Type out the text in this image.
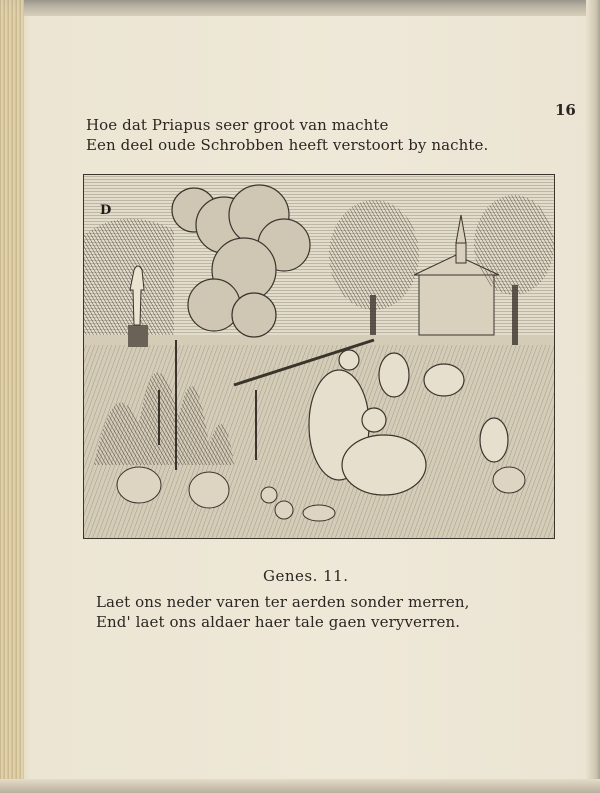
16
Hoe dat Priapus seer groot van machte
Een deel oude Schrobben heeft verstoort by nachte.
D
Genes. 11.
Laet ons neder varen ter aerden sonder merren,
End' laet ons aldaer haer tale gaen veryverren.
